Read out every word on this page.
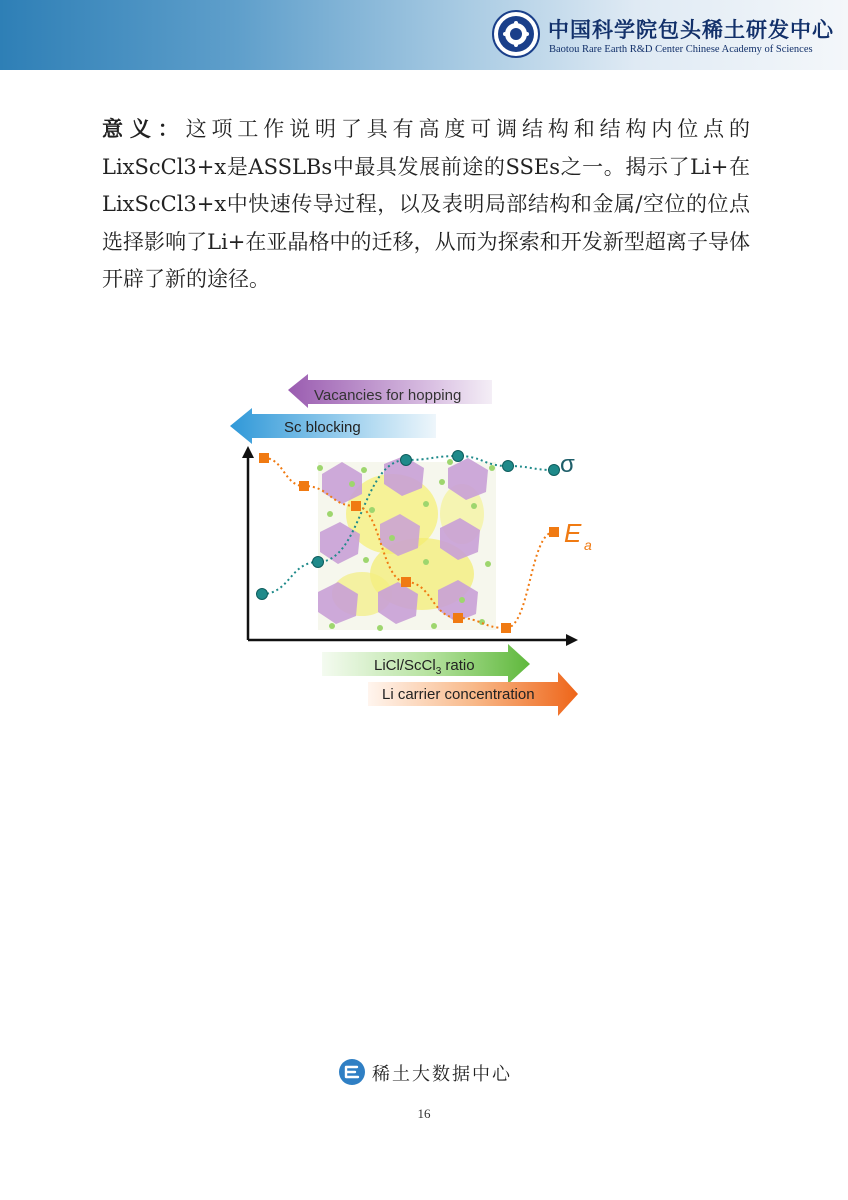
中国科学院包头稀土研发中心
Baotou Rare Earth R&D Center Chinese Academy of Sciences

意义：这项工作说明了具有高度可调结构和结构内位点的LixScCl3+x是ASSLBs中最具发展前途的SSEs之一。揭示了Li+在LixScCl3+x中快速传导过程，以及表明局部结构和金属/空位的位点选择影响了Li+在亚晶格中的迁移，从而为探索和开发新型超离子导体开辟了新的途径。

Vacancies for hopping
Sc blocking
σ
E a
LiCl/ScCl$_3$ ratio
Li carrier concentration
稀土大数据中心
16
